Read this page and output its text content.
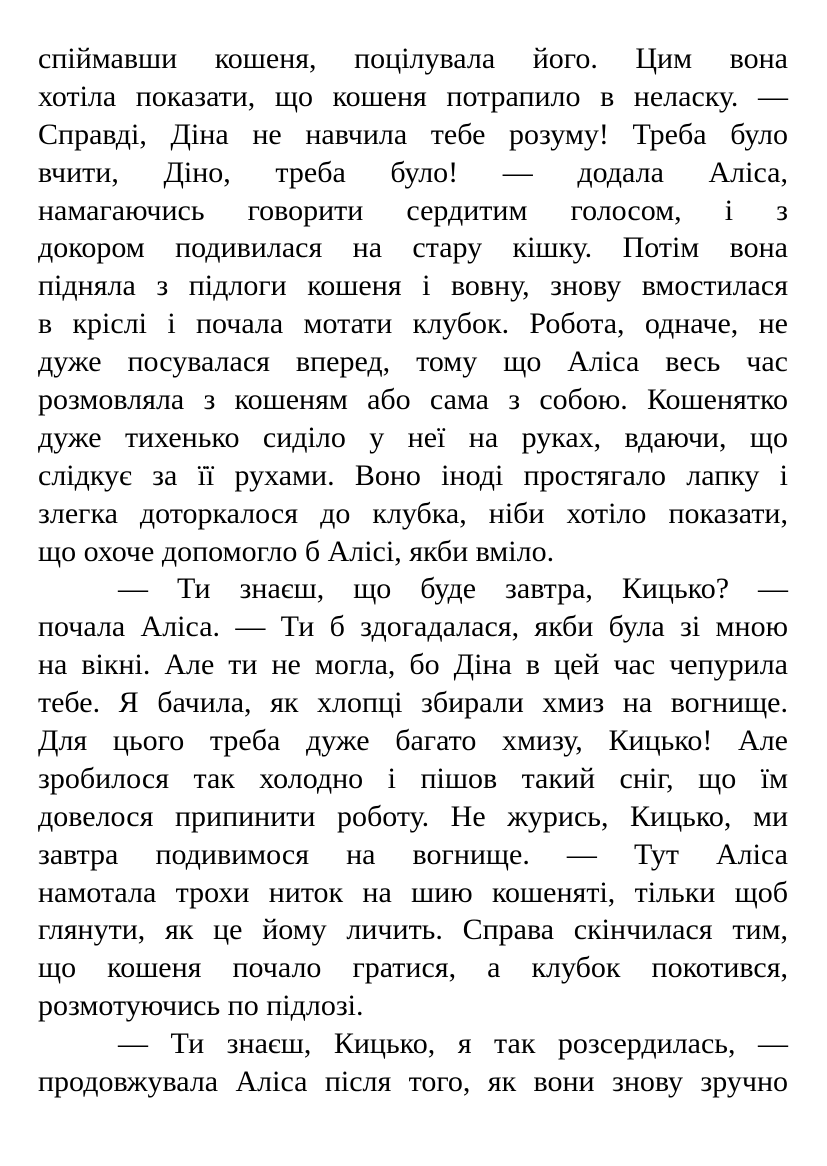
спіймавши кошеня, поцілувала його. Цим вона
хотіла показати, що кошеня потрапило в неласку. —
Справді, Діна не навчила тебе розуму! Треба було
вчити, Діно, треба було! — додала Аліса,
намагаючись говорити сердитим голосом, і з
докором подивилася на стару кішку. Потім вона
підняла з підлоги кошеня і вовну, знову вмостилася
в кріслі і почала мотати клубок. Робота, одначе, не
дуже посувалася вперед, тому що Аліса весь час
розмовляла з кошеням або сама з собою. Кошенятко
дуже тихенько сиділо у неї на руках, вдаючи, що
слідкує за її рухами. Воно іноді простягало лапку і
злегка доторкалося до клубка, ніби хотіло показати,
що охоче допомогло б Алісі, якби вміло.
— Ти знаєш, що буде завтра, Кицько? —
почала Аліса. — Ти б здогадалася, якби була зі мною
на вікні. Але ти не могла, бо Діна в цей час чепурила
тебе. Я бачила, як хлопці збирали хмиз на вогнище.
Для цього треба дуже багато хмизу, Кицько! Але
зробилося так холодно і пішов такий сніг, що їм
довелося припинити роботу. Не журись, Кицько, ми
завтра подивимося на вогнище. — Тут Аліса
намотала трохи ниток на шию кошеняті, тільки щоб
глянути, як це йому личить. Справа скінчилася тим,
що кошеня почало гратися, а клубок покотився,
розмотуючись по підлозі.
— Ти знаєш, Кицько, я так розсердилась, —
продовжувала Аліса після того, як вони знову зручно
